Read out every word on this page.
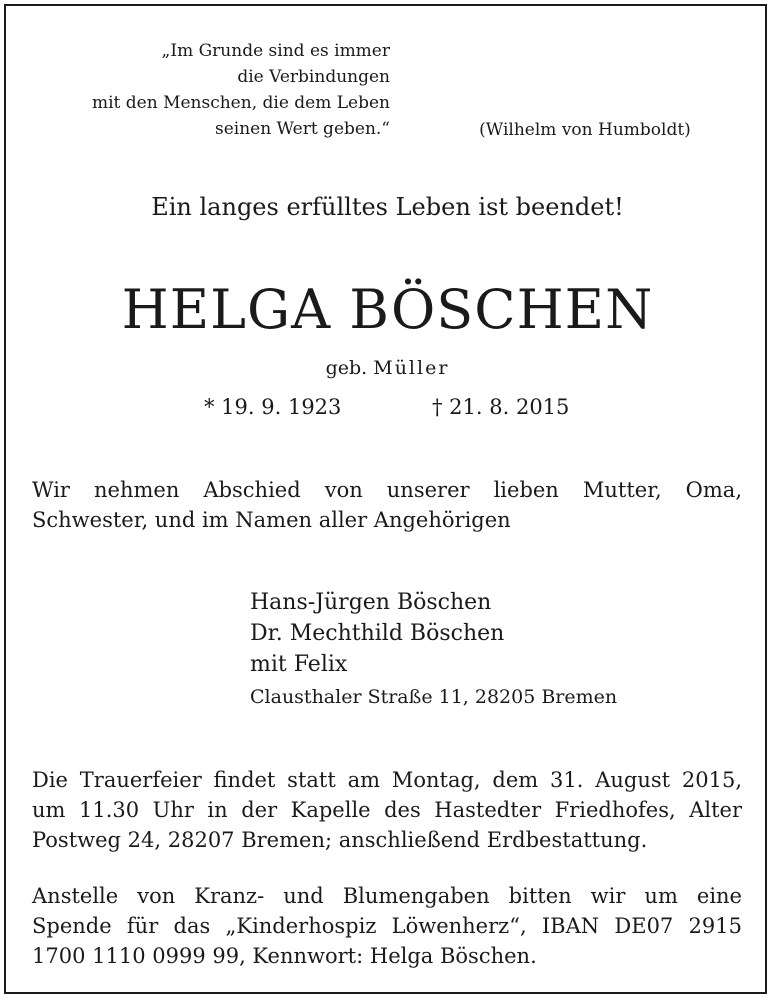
„Im Grunde sind es immer
die Verbindungen
mit den Menschen, die dem Leben
seinen Wert geben.“	(Wilhelm von Humboldt)
Ein langes erfülltes Leben ist beendet!
HELGA BÖSCHEN
geb. Müller
* 19. 9. 1923	† 21. 8. 2015
Wir nehmen Abschied von unserer lieben Mutter, Oma,
Schwester, und im Namen aller Angehörigen
Hans-Jürgen Böschen
Dr. Mechthild Böschen
mit Felix
Clausthaler Straße 11, 28205 Bremen
Die Trauerfeier findet statt am Montag, dem 31. August 2015,
um 11.30 Uhr in der Kapelle des Hastedter Friedhofes, Alter
Postweg 24, 28207 Bremen; anschließend Erdbestattung.
Anstelle von Kranz- und Blumengaben bitten wir um eine
Spende für das „Kinderhospiz Löwenherz“, IBAN DE07 2915
1700 1110 0999 99, Kennwort: Helga Böschen.
